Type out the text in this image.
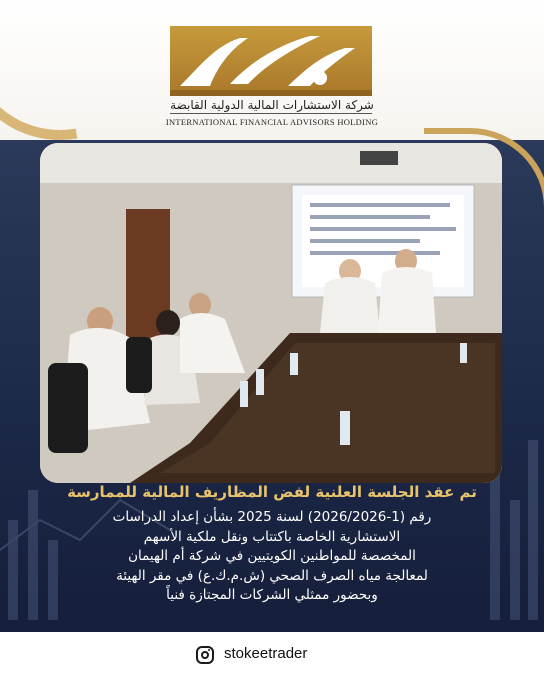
شركة الاستشارات المالية الدولية القابضة
INTERNATIONAL FINANCIAL ADVISORS HOLDING
تم عقد الجلسة العلنية لفض المظاريف المالية للممارسة
رقم (1-2026/2026) لسنة 2025 بشأن إعداد الدراسات
الاستشارية الخاصة باكتتاب ونقل ملكية الأسهم
المخصصة للمواطنين الكويتيين في شركة أم الهيمان
لمعالجة مياه الصرف الصحي (ش.م.ك.ع) في مقر الهيئة
وبحضور ممثلي الشركات المجتازة فنياً
stokeetrader
